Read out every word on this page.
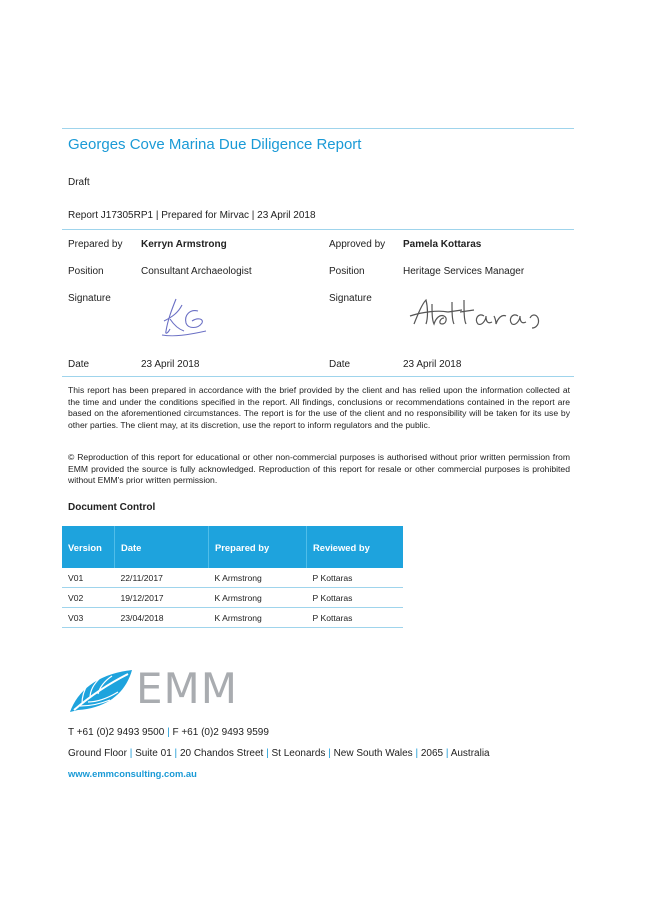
Georges Cove Marina Due Diligence Report
Draft
Report J17305RP1 | Prepared for Mirvac | 23 April 2018
Prepared by Kerryn Armstrong	Approved by Pamela Kottaras
Position	Consultant Archaeologist	Position	Heritage Services Manager
Signature	Signature
Date	23 April 2018	Date	23 April 2018
This report has been prepared in accordance with the brief provided by the client and has relied upon the information collected at the time and under the conditions specified in the report. All findings, conclusions or recommendations contained in the report are based on the aforementioned circumstances. The report is for the use of the client and no responsibility will be taken for its use by other parties. The client may, at its discretion, use the report to inform regulators and the public.
© Reproduction of this report for educational or other non-commercial purposes is authorised without prior written permission from EMM provided the source is fully acknowledged. Reproduction of this report for resale or other commercial purposes is prohibited without EMM's prior written permission.
Document Control
Version	Date	Prepared by	Reviewed by
V01	22/11/2017	K Armstrong	P Kottaras
V02	19/12/2017	K Armstrong	P Kottaras
V03	23/04/2018	K Armstrong	P Kottaras
EMM
T +61 (0)2 9493 9500 | F +61 (0)2 9493 9599
Ground Floor | Suite 01 | 20 Chandos Street | St Leonards | New South Wales | 2065 | Australia
www.emmconsulting.com.au
